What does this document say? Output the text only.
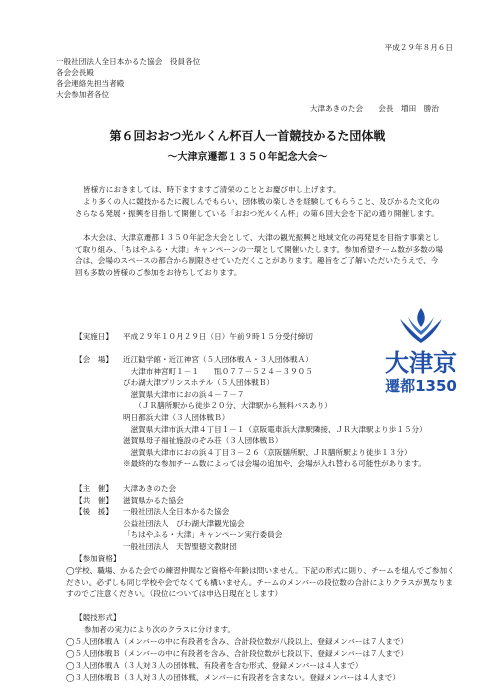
平成２９年８月６日
一般社団法人全日本かるた協会　役員各位
各会会長殿
各会連絡先担当者殿
大会参加者各位
大津あきのた会　　会長　増田　勝治
第６回おおつ光ルくん杯百人一首競技かるた団体戦
～大津京遷都１３５０年記念大会～
皆様方におきましては、時下ますますご清栄のこととお慶び申し上げます。
より多くの人に競技かるたに親しんでもらい、団体戦の楽しさを経験してもらうこと、及びかるた文化のさらなる発展・振興を目指して開催している「おおつ光ルくん杯」の第６回大会を下記の通り開催します。
本大会は、大津京遷都１３５０年記念大会として、大津の観光振興と地域文化の再発見を目指す事業として取り組み、「ちはやふる・大津」キャンペーンの一環として開催いたします。参加希望チーム数が多数の場合は、会場のスペースの都合から制限させていただくことがあります。趣旨をご了解いただいたうえで、今回も多数の皆様のご参加をお待ちしております。
大津京
遷都1350
【実施日】 平成２９年１０月２９日（日）午前９時１５分受付締切
【会　場】 近江勧学館・近江神宮（５人団体戦Ａ・３人団体戦Ａ）
　大津市神宮町１－１　　℡０７７－５２４－３９０５
びわ湖大津プリンスホテル（５人団体戦Ｂ）
　滋賀県大津市におの浜４－７－７
　　（ＪＲ膳所駅から徒歩２０分、大津駅から無料バスあり）
明日都浜大津（３人団体戦Ｂ）
　滋賀県大津市浜大津４丁目１－１（京阪電車浜大津駅隣接、ＪＲ大津駅より歩１５分）
滋賀県母子福祉施設のぞみ荘（３人団体戦Ｂ）
　滋賀県大津市におの浜４丁目３－２６（京阪膳所駅、ＪＲ膳所駅より徒歩１３分）
※最終的な参加チーム数によっては会場の追加や、会場が入れ替わる可能性があります。
【主　催】 大津あきのた会
【共　催】 滋賀県かるた協会
【後　援】 一般社団法人全日本かるた協会
公益社団法人　びわ湖大津観光協会
「ちはやふる・大津」キャンペーン実行委員会
一般社団法人　天智聖徳文教財団
【参加資格】
◯学校、職場、かるた会での練習仲間など資格や年齢は問いません。下記の形式に則り、チームを組んでご参加ください。必ずしも同じ学校や会でなくても構いません。チームのメンバーの段位数の合計によりクラスが異なりますのでご注意ください。（段位については申込日現在とします）
【競技形式】
参加者の実力により次のクラスに分けます。
◯５人団体戦Ａ（メンバーの中に有段者を含み、合計段位数が八段以上、登録メンバーは７人まで）
◯５人団体戦Ｂ（メンバーの中に有段者を含み、合計段位数が七段以下、登録メンバーは７人まで）
◯３人団体戦Ａ（３人対３人の団体戦、有段者を含む形式、登録メンバーは４人まで）
◯３人団体戦Ｂ（３人対３人の団体戦、メンバーに有段者を含まない。登録メンバーは４人まで）
